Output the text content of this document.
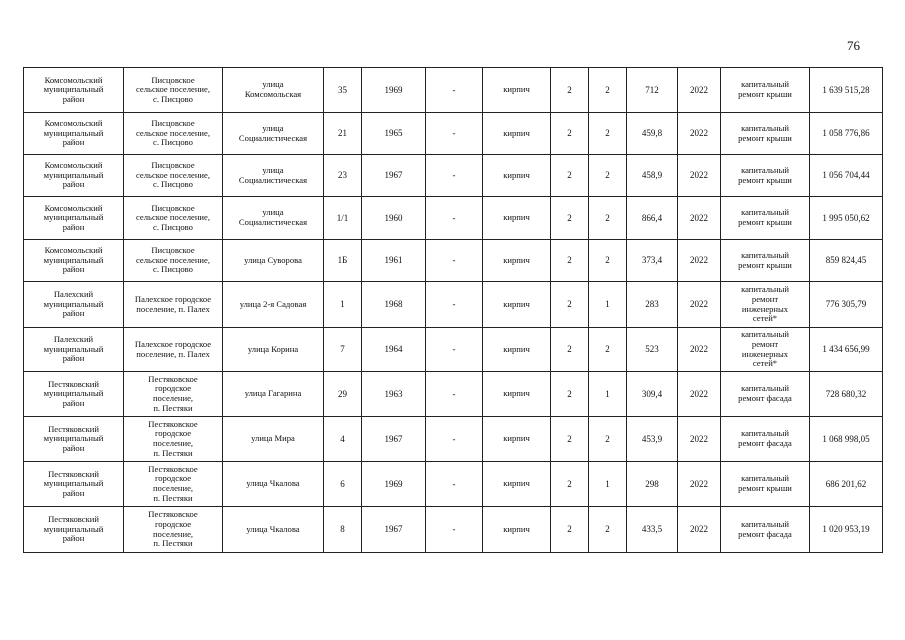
76
Комсомольский
муниципальный
район	Писцовское
сельское поселение,
с. Писцово	улица
Комсомольская	35	1969	-	кирпич	2	2	712	2022	капитальный
ремонт крыши	1 639 515,28

Комсомольский
муниципальный
район	Писцовское
сельское поселение,
с. Писцово	улица
Социалистическая	21	1965	-	кирпич	2	2	459,8	2022	капитальный
ремонт крыши	1 058 776,86

Комсомольский
муниципальный
район	Писцовское
сельское поселение,
с. Писцово	улица
Социалистическая	23	1967	-	кирпич	2	2	458,9	2022	капитальный
ремонт крыши	1 056 704,44

Комсомольский
муниципальный
район	Писцовское
сельское поселение,
с. Писцово	улица
Социалистическая	1/1	1960	-	кирпич	2	2	866,4	2022	капитальный
ремонт крыши	1 995 050,62

Комсомольский
муниципальный
район	Писцовское
сельское поселение,
с. Писцово	улица Суворова	1Б	1961	-	кирпич	2	2	373,4	2022	капитальный
ремонт крыши	859 824,45

Палехский
муниципальный
район	Палехское городское
поселение, п. Палех	улица 2-я Садовая	1	1968	-	кирпич	2	1	283	2022	капитальный
ремонт
инженерных
сетей*	776 305,79

Палехский
муниципальный
район	Палехское городское
поселение, п. Палех	улица Корина	7	1964	-	кирпич	2	2	523	2022	капитальный
ремонт
инженерных
сетей*	1 434 656,99

Пестяковский
муниципальный
район	Пестяковское
городское
поселение,
п. Пестяки	улица Гагарина	29	1963	-	кирпич	2	1	309,4	2022	капитальный
ремонт фасада	728 680,32

Пестяковский
муниципальный
район	Пестяковское
городское
поселение,
п. Пестяки	улица Мира	4	1967	-	кирпич	2	2	453,9	2022	капитальный
ремонт фасада	1 068 998,05

Пестяковский
муниципальный
район	Пестяковское
городское
поселение,
п. Пестяки	улица Чкалова	6	1969	-	кирпич	2	1	298	2022	капитальный
ремонт крыши	686 201,62

Пестяковский
муниципальный
район	Пестяковское
городское
поселение,
п. Пестяки	улица Чкалова	8	1967	-	кирпич	2	2	433,5	2022	капитальный
ремонт фасада	1 020 953,19
